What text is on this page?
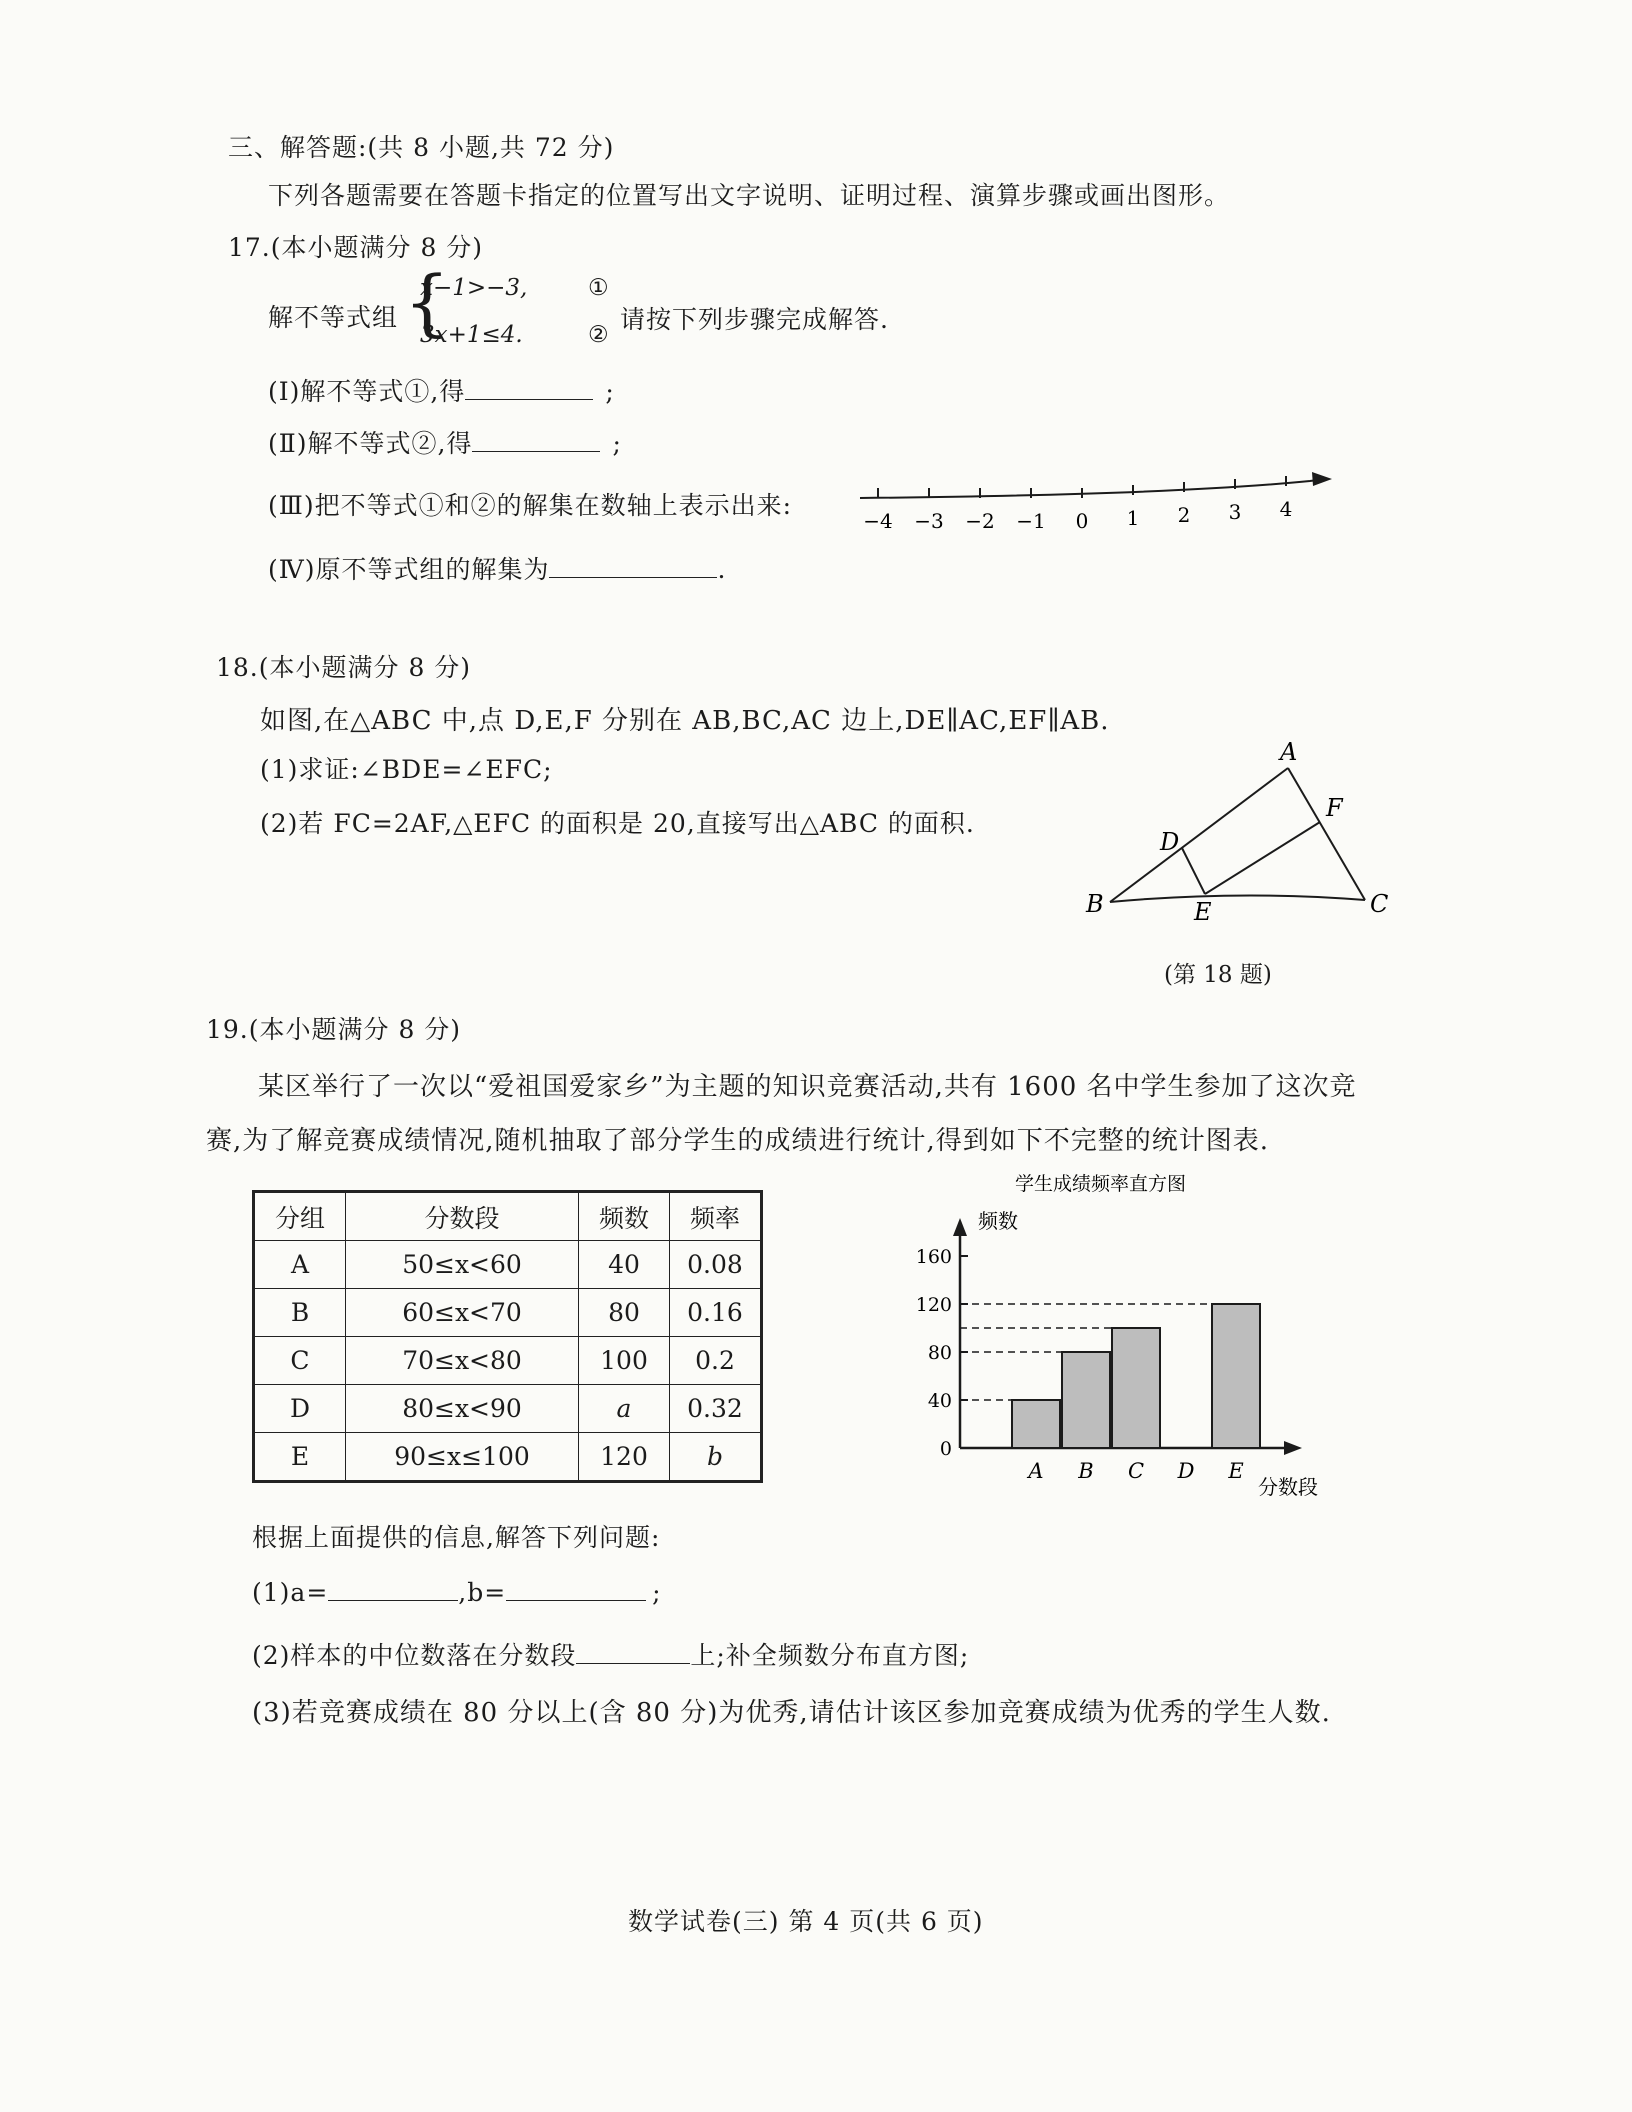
三、解答题:(共 8 小题,共 72 分)
下列各题需要在答题卡指定的位置写出文字说明、证明过程、演算步骤或画出图形。
17.(本小题满分 8 分)
解不等式组 {
x−1>−3,	①
3x+1≤4.	②
请按下列步骤完成解答.
(Ⅰ)解不等式①,得	;
(Ⅱ)解不等式②,得	;
(Ⅲ)把不等式①和②的解集在数轴上表示出来:
(Ⅳ)原不等式组的解集为	.
−4 −3 −2 −1 0 1 2 3 4
18.(本小题满分 8 分)
如图,在△ABC 中,点 D,E,F 分别在 AB,BC,AC 边上,DE∥AC,EF∥AB.
(1)求证:∠BDE=∠EFC;
(2)若 FC=2AF,△EFC 的面积是 20,直接写出△ABC 的面积.
A
B	C
D
E
F
(第 18 题)
19.(本小题满分 8 分)
某区举行了一次以“爱祖国爱家乡”为主题的知识竞赛活动,共有 1600 名中学生参加了这次竞
赛,为了解竞赛成绩情况,随机抽取了部分学生的成绩进行统计,得到如下不完整的统计图表.
分组	分数段	频数	频率
A	50≤x<60	40	0.08
B	60≤x<70	80	0.16
C	70≤x<80	100	0.2
D	80≤x<90	a	0.32
E	90≤x≤100	120	b
学生成绩频率直方图
频数
分数段
0
40
80
120
160
A B C D E
根据上面提供的信息,解答下列问题:
(1)a=	,b=	;
(2)样本的中位数落在分数段	上;补全频数分布直方图;
(3)若竞赛成绩在 80 分以上(含 80 分)为优秀,请估计该区参加竞赛成绩为优秀的学生人数.
数学试卷(三) 第 4 页(共 6 页)
